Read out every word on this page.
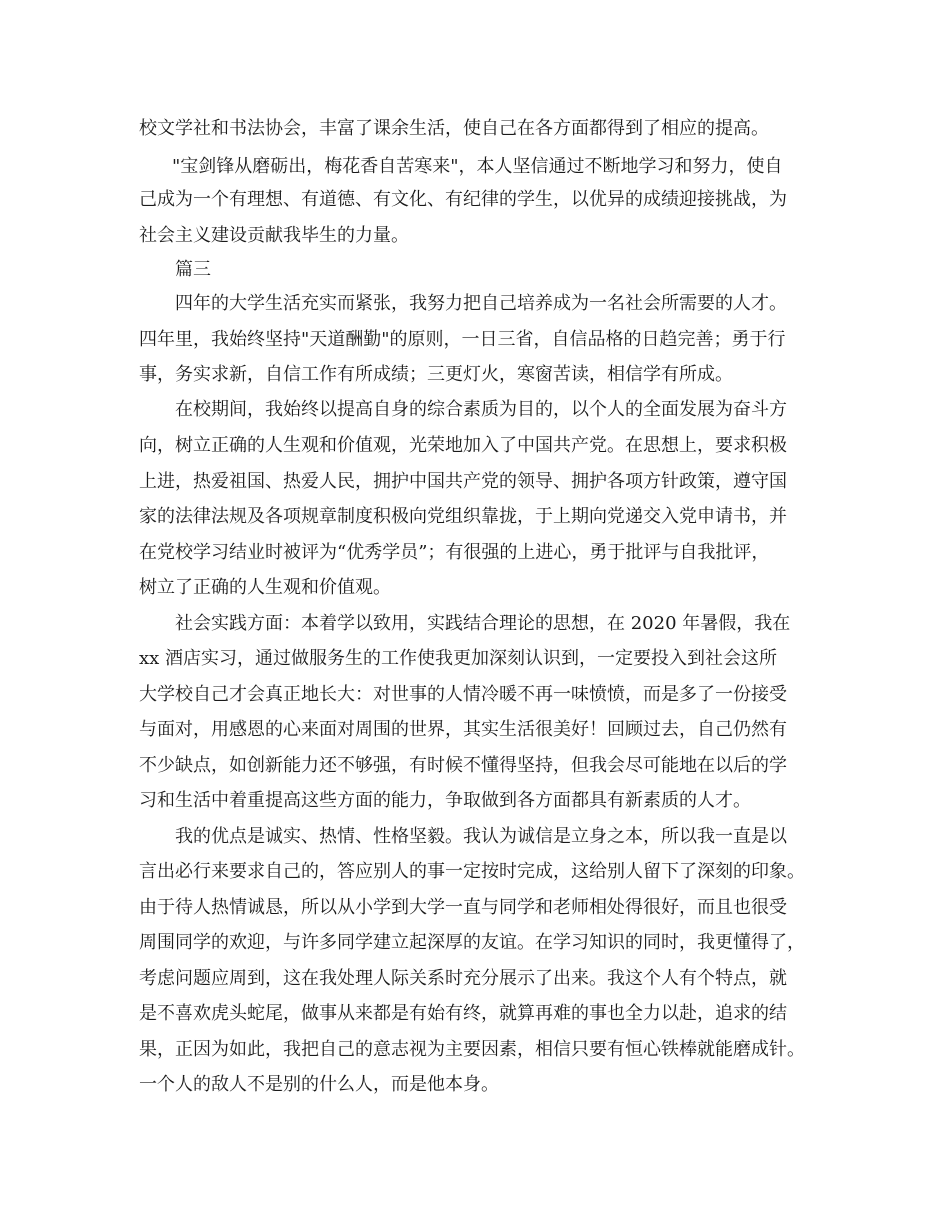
校文学社和书法协会，丰富了课余生活，使自己在各方面都得到了相应的提高。
"宝剑锋从磨砺出，梅花香自苦寒来"，本人坚信通过不断地学习和努力，使自
己成为一个有理想、有道德、有文化、有纪律的学生，以优异的成绩迎接挑战，为
社会主义建设贡献我毕生的力量。
篇三
四年的大学生活充实而紧张，我努力把自己培养成为一名社会所需要的人才。
四年里，我始终坚持"天道酬勤"的原则，一日三省，自信品格的日趋完善；勇于行
事，务实求新，自信工作有所成绩；三更灯火，寒窗苦读，相信学有所成。
在校期间，我始终以提高自身的综合素质为目的，以个人的全面发展为奋斗方
向，树立正确的人生观和价值观，光荣地加入了中国共产党。在思想上，要求积极
上进，热爱祖国、热爱人民，拥护中国共产党的领导、拥护各项方针政策，遵守国
家的法律法规及各项规章制度积极向党组织靠拢，于上期向党递交入党申请书，并
在党校学习结业时被评为“优秀学员”；有很强的上进心，勇于批评与自我批评，
树立了正确的人生观和价值观。
社会实践方面：本着学以致用，实践结合理论的思想，在 2020 年暑假，我在
xx 酒店实习，通过做服务生的工作使我更加深刻认识到，一定要投入到社会这所
大学校自己才会真正地长大：对世事的人情冷暖不再一味愤愤，而是多了一份接受
与面对，用感恩的心来面对周围的世界，其实生活很美好！回顾过去，自己仍然有
不少缺点，如创新能力还不够强，有时候不懂得坚持，但我会尽可能地在以后的学
习和生活中着重提高这些方面的能力，争取做到各方面都具有新素质的人才。
我的优点是诚实、热情、性格坚毅。我认为诚信是立身之本，所以我一直是以
言出必行来要求自己的，答应别人的事一定按时完成，这给别人留下了深刻的印象。
由于待人热情诚恳，所以从小学到大学一直与同学和老师相处得很好，而且也很受
周围同学的欢迎，与许多同学建立起深厚的友谊。在学习知识的同时，我更懂得了，
考虑问题应周到，这在我处理人际关系时充分展示了出来。我这个人有个特点，就
是不喜欢虎头蛇尾，做事从来都是有始有终，就算再难的事也全力以赴，追求的结
果，正因为如此，我把自己的意志视为主要因素，相信只要有恒心铁棒就能磨成针。
一个人的敌人不是别的什么人，而是他本身。
